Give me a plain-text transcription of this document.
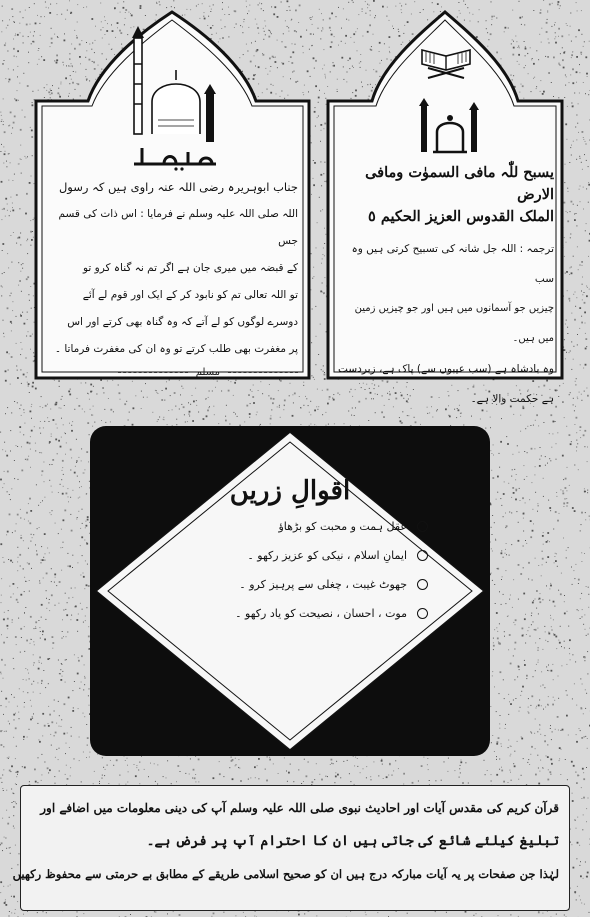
یسبح للّٰہ مافی السموٰت ومافی الارض
الملک القدوس العزیز الحکیم ٥
ترجمہ : اللہ جل شانہ کی تسبیح کرتی ہیں وہ سب
چیزیں جو آسمانوں میں ہیں اور جو چیزیں زمین میں ہیں۔
وہ بادشاہ ہے (سب عیبوں سے) پاک ہے، زبردست
ہے حکمت والا ہے۔
جناب ابوہریرہ رضی اللہ عنہ راوی ہیں کہ رسول
اللہ صلی اللہ علیہ وسلم نے فرمایا : اس ذات کی قسم جس
کے قبضہ میں میری جان ہے اگر تم نہ گناہ کرو تو
تو اللہ تعالی تم کو نابود کر کے ایک اور قوم لے آئے
دوسرے لوگوں کو لے آتے کہ وہ گناہ بھی کرتے اور اس
پر مغفرت بھی طلب کرتے تو وہ ان کی مغفرت فرماتا ۔
مسلم
اقوالِ زریں
عقل ہمت و محبت کو بڑھاؤ
ایمانِ اسلام ، نیکی کو عزیز رکھو ۔
جھوٹ غیبت ، چغلی سے پرہیز کرو ۔
موت ، احسان ، نصیحت کو یاد رکھو ۔
قرآن کریم کی مقدس آیات اور احادیث نبوی صلی اللہ علیہ وسلم آپ کی دینی معلومات میں اضافے اور
تبلیغ کیلئے شائع کی جاتی ہیں ان کا احترام آپ پر فرض ہے۔
لہٰذا جن صفحات پر یہ آیات مبارکہ درج ہیں ان کو صحیح اسلامی طریقے کے مطابق بے حرمتی سے محفوظ رکھیں
